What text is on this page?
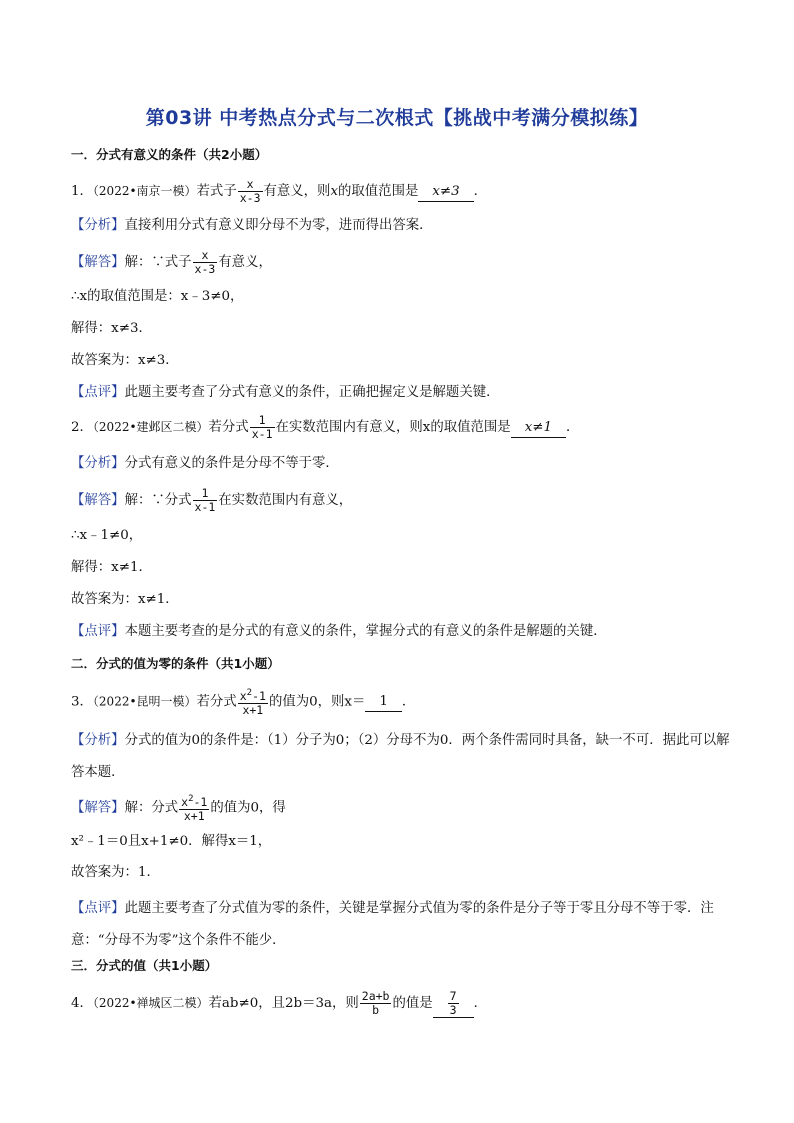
第03讲 中考热点分式与二次根式【挑战中考满分模拟练】
一．分式有意义的条件（共2小题）
1．（2022•南京一模）若式子 $\frac{x}{x-3}$ 有意义，则x的取值范围是 x≠3 ．
【分析】直接利用分式有意义即分母不为零，进而得出答案．
【解答】解：∵式子 $\frac{x}{x-3}$ 有意义，
∴x的取值范围是：x﹣3≠0，
解得：x≠3．
故答案为：x≠3．
【点评】此题主要考查了分式有意义的条件，正确把握定义是解题关键．
2．（2022•建邺区二模）若分式 $\frac{1}{x-1}$ 在实数范围内有意义，则x的取值范围是 x≠1 ．
【分析】分式有意义的条件是分母不等于零．
【解答】解：∵分式 $\frac{1}{x-1}$ 在实数范围内有意义，
∴x﹣1≠0，
解得：x≠1．
故答案为：x≠1．
【点评】本题主要考查的是分式的有意义的条件，掌握分式的有意义的条件是解题的关键．
二．分式的值为零的条件（共1小题）
3．（2022•昆明一模）若分式 $\frac{x^2-1}{x+1}$ 的值为0，则x＝ 1 ．
【分析】分式的值为0的条件是：（1）分子为0；（2）分母不为0．两个条件需同时具备，缺一不可．据此可以解答本题．
【解答】解：分式 $\frac{x^2-1}{x+1}$ 的值为0，得
x²﹣1＝0且x+1≠0．解得x＝1，
故答案为：1．
【点评】此题主要考查了分式值为零的条件，关键是掌握分式值为零的条件是分子等于零且分母不等于零．注意：“分母不为零”这个条件不能少．
三．分式的值（共1小题）
4．（2022•禅城区二模）若ab≠0，且2b＝3a，则 $\frac{2a+b}{b}$ 的值是 $\frac{7}{3}$ ．
